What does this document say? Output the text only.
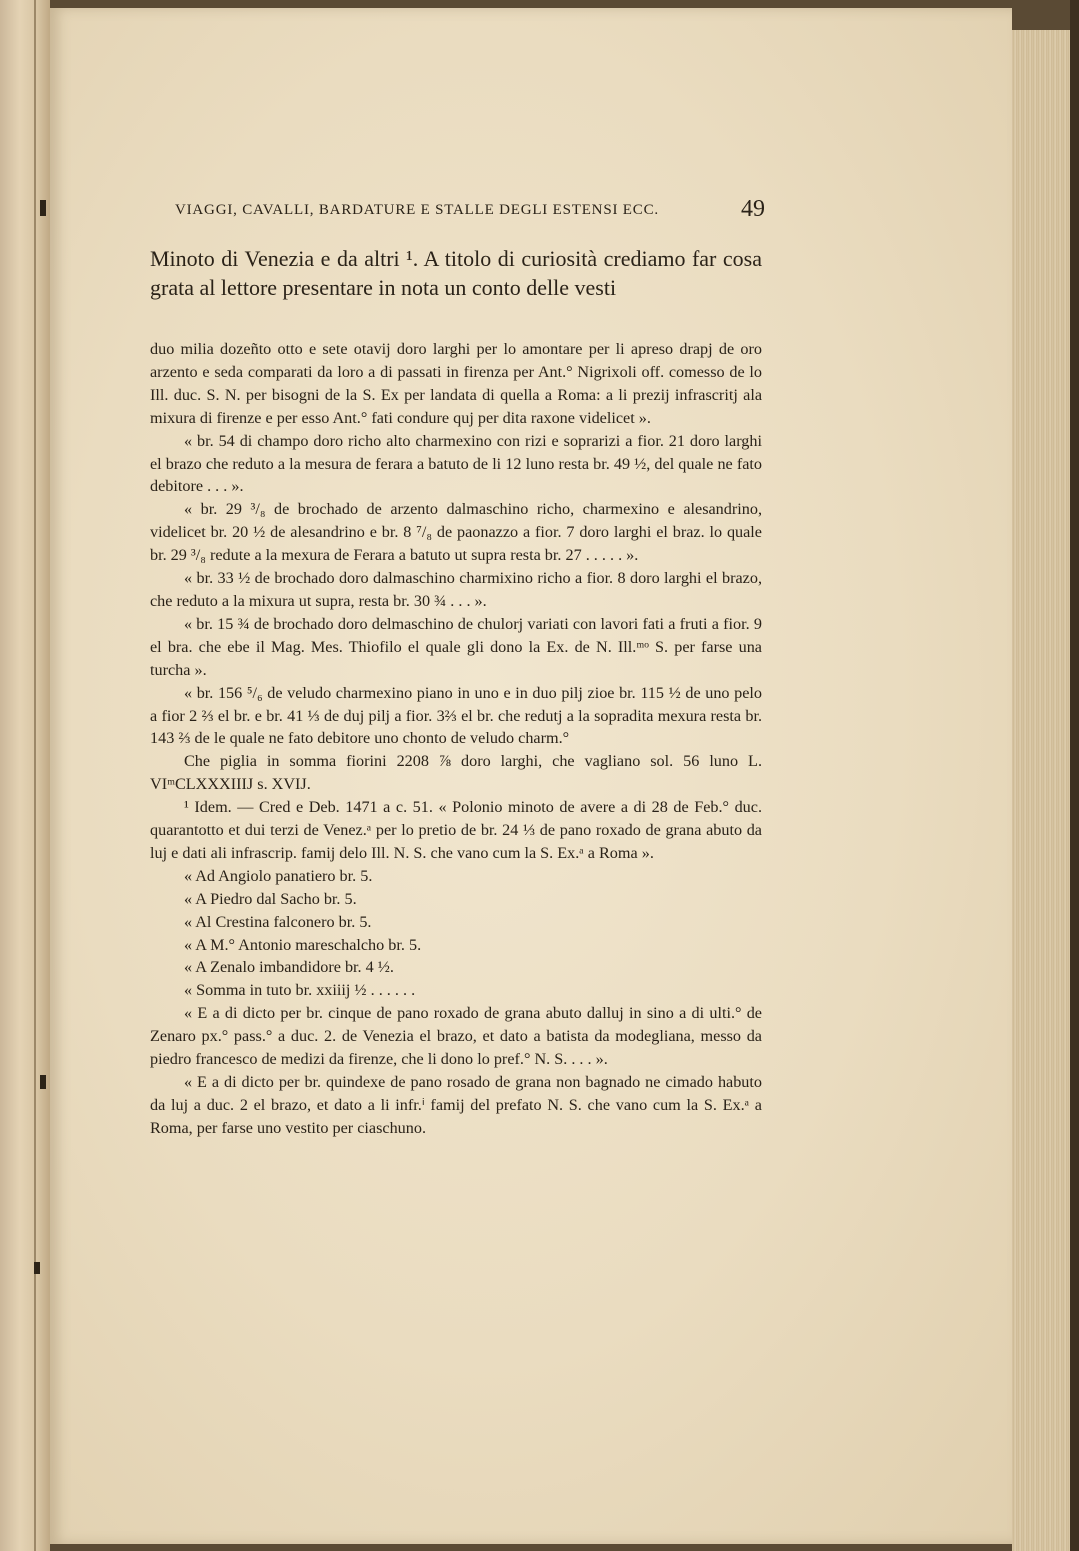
VIAGGI, CAVALLI, BARDATURE E STALLE DEGLI ESTENSI ECC.	49
Minoto di Venezia e da altri ¹. A titolo di curiosità crediamo far cosa grata al lettore presentare in nota un conto delle vesti

duo milia dozeñto otto e sete otavij doro larghi per lo amontare per li apreso drapj de oro arzento e seda comparati da loro a di passati in firenza per Ant.° Nigrixoli off. comesso de lo Ill. duc. S. N. per bisogni de la S. Ex per landata di quella a Roma: a li prezij infrascritj ala mixura di firenze e per esso Ant.° fati condure quj per dita raxone videlicet ».

« br. 54 di champo doro richo alto charmexino con rizi e soprarizi a fior. 21 doro larghi el brazo che reduto a la mesura de ferara a batuto de li 12 luno resta br. 49 ½, del quale ne fato debitore . . . ».

« br. 29 ³/₈ de brochado de arzento dalmaschino richo, charmexino e alesandrino, videlicet br. 20 ½ de alesandrino e br. 8 ⁷/₈ de paonazzo a fior. 7 doro larghi el braz. lo quale br. 29 ³/₈ redute a la mexura de Ferara a batuto ut supra resta br. 27 . . . . . ».

« br. 33 ½ de brochado doro dalmaschino charmixino richo a fior. 8 doro larghi el brazo, che reduto a la mixura ut supra, resta br. 30 ¾ . . . ».

« br. 15 ¾ de brochado doro delmaschino de chulorj variati con lavori fati a fruti a fior. 9 el bra. che ebe il Mag. Mes. Thiofilo el quale gli dono la Ex. de N. Ill.ᵐᵒ S. per farse una turcha ».

« br. 156 ⁵/₆ de veludo charmexino piano in uno e in duo pilj zioe br. 115 ½ de uno pelo a fior 2 ⅔ el br. e br. 41 ⅓ de duj pilj a fior. 3⅔ el br. che redutj a la sopradita mexura resta br. 143 ⅔ de le quale ne fato debitore uno chonto de veludo charm.°

Che piglia in somma fiorini 2208 ⅞ doro larghi, che vagliano sol. 56 luno L. VIᵐCLXXXIIIJ s. XVIJ.

¹ Idem. — Cred e Deb. 1471 a c. 51. « Polonio minoto de avere a di 28 de Feb.° duc. quarantotto et dui terzi de Venez.ᵃ per lo pretio de br. 24 ⅓ de pano roxado de grana abuto da luj e dati ali infrascrip. famij delo Ill. N. S. che vano cum la S. Ex.ᵃ a Roma ».

« Ad Angiolo panatiero br. 5.

« A Piedro dal Sacho br. 5.

« Al Crestina falconero br. 5.

« A M.° Antonio mareschalcho br. 5.

« A Zenalo imbandidore br. 4 ½.

« Somma in tuto br. xxiiij ½ . . . . . .

« E a di dicto per br. cinque de pano roxado de grana abuto dalluj in sino a di ulti.° de Zenaro px.° pass.° a duc. 2. de Venezia el brazo, et dato a batista da modegliana, messo da piedro francesco de medizi da firenze, che li dono lo pref.° N. S. . . . ».

« E a di dicto per br. quindexe de pano rosado de grana non bagnado ne cimado habuto da luj a duc. 2 el brazo, et dato a li infr.ⁱ famij del prefato N. S. che vano cum la S. Ex.ᵃ a Roma, per farse uno vestito per ciaschuno.
